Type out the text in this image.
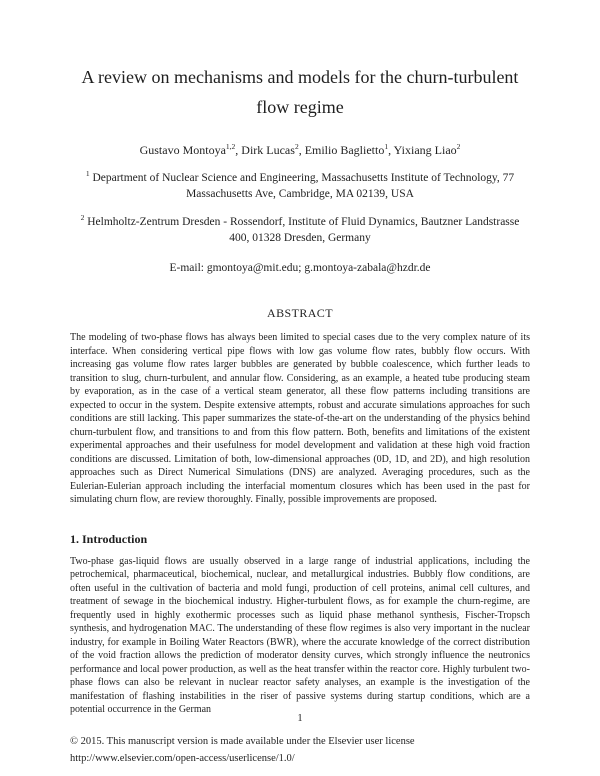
A review on mechanisms and models for the churn-turbulent flow regime

Gustavo Montoya$^{1,2}$, Dirk Lucas$^2$, Emilio Baglietto$^1$, Yixiang Liao$^2$

$^1$ Department of Nuclear Science and Engineering, Massachusetts Institute of Technology, 77 Massachusetts Ave, Cambridge, MA 02139, USA

$^2$ Helmholtz-Zentrum Dresden - Rossendorf, Institute of Fluid Dynamics, Bautzner Landstrasse 400, 01328 Dresden, Germany

E-mail: gmontoya@mit.edu; g.montoya-zabala@hzdr.de

ABSTRACT

The modeling of two-phase flows has always been limited to special cases due to the very complex nature of its interface. When considering vertical pipe flows with low gas volume flow rates, bubbly flow occurs. With increasing gas volume flow rates larger bubbles are generated by bubble coalescence, which further leads to transition to slug, churn-turbulent, and annular flow. Considering, as an example, a heated tube producing steam by evaporation, as in the case of a vertical steam generator, all these flow patterns including transitions are expected to occur in the system. Despite extensive attempts, robust and accurate simulations approaches for such conditions are still lacking. This paper summarizes the state-of-the-art on the understanding of the physics behind churn-turbulent flow, and transitions to and from this flow pattern. Both, benefits and limitations of the existent experimental approaches and their usefulness for model development and validation at these high void fraction conditions are discussed. Limitation of both, low-dimensional approaches (0D, 1D, and 2D), and high resolution approaches such as Direct Numerical Simulations (DNS) are analyzed. Averaging procedures, such as the Eulerian-Eulerian approach including the interfacial momentum closures which has been used in the past for simulating churn flow, are review thoroughly. Finally, possible improvements are proposed.

1. Introduction

Two-phase gas-liquid flows are usually observed in a large range of industrial applications, including the petrochemical, pharmaceutical, biochemical, nuclear, and metallurgical industries. Bubbly flow conditions, are often useful in the cultivation of bacteria and mold fungi, production of cell proteins, animal cell cultures, and treatment of sewage in the biochemical industry. Higher-turbulent flows, as for example the churn-regime, are frequently used in highly exothermic processes such as liquid phase methanol synthesis, Fischer-Tropsch synthesis, and hydrogenation MAC. The understanding of these flow regimes is also very important in the nuclear industry, for example in Boiling Water Reactors (BWR), where the accurate knowledge of the correct distribution of the void fraction allows the prediction of moderator density curves, which strongly influence the neutronics performance and local power production, as well as the heat transfer within the reactor core. Highly turbulent two-phase flows can also be relevant in nuclear reactor safety analyses, an example is the investigation of the manifestation of flashing instabilities in the riser of passive systems during startup conditions, which are a potential occurrence in the German

1

© 2015. This manuscript version is made available under the Elsevier user license

http://www.elsevier.com/open-access/userlicense/1.0/
